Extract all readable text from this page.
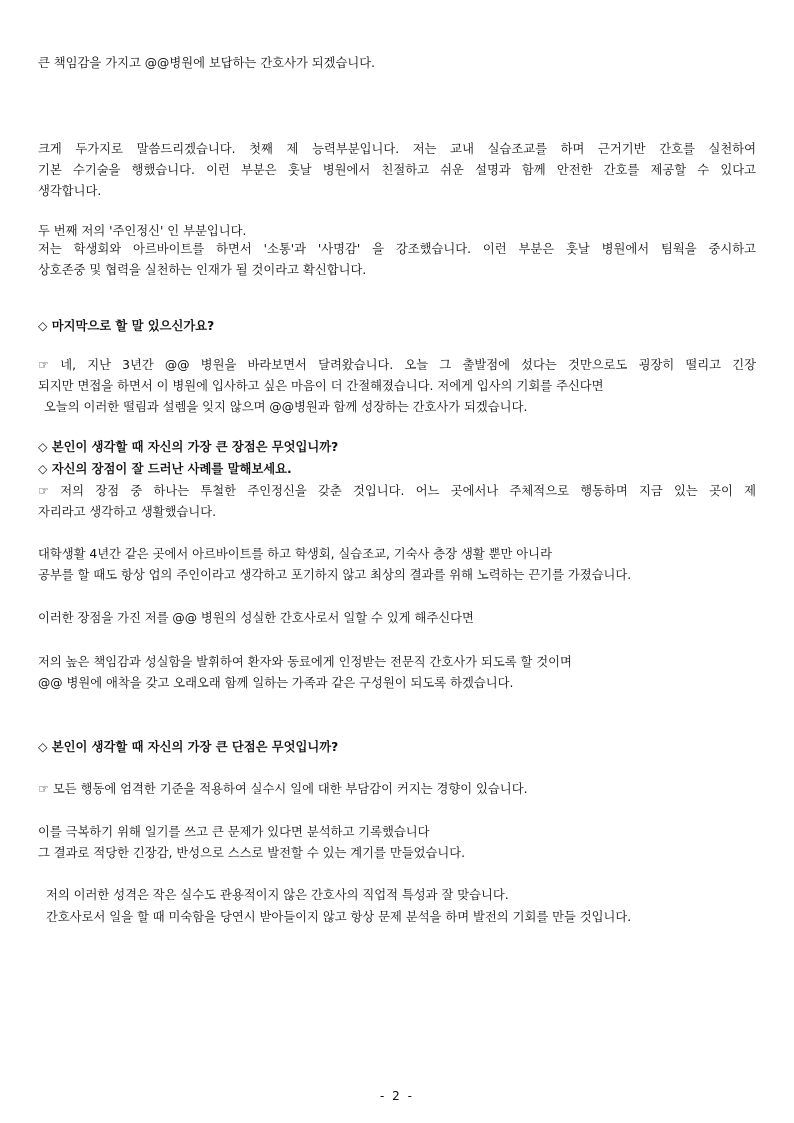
큰 책임감을 가지고 @@병원에 보답하는 간호사가 되겠습니다.
크게 두가지로 말씀드리겠습니다. 첫째 제 능력부분입니다. 저는 교내 실습조교를 하며 근거기반 간호를 실천하여
기본 수기술을 행했습니다. 이런 부분은 훗날 병원에서 친절하고 쉬운 설명과 함께 안전한 간호를 제공할 수 있다고
생각합니다.
두 번째 저의 '주인정신' 인 부분입니다.
저는 학생회와 아르바이트를 하면서 '소통'과 '사명감' 을 강조했습니다. 이런 부분은 훗날 병원에서 팀웍을 중시하고
상호존중 및 협력을 실천하는 인재가 될 것이라고 확신합니다.
◇ 마지막으로 할 말 있으신가요?
☞ 네, 지난 3년간 @@ 병원을 바라보면서 달려왔습니다. 오늘 그 출발점에 섰다는 것만으로도 굉장히 떨리고 긴장
되지만 면접을 하면서 이 병원에 입사하고 싶은 마음이 더 간절해졌습니다. 저에게 입사의 기회를 주신다면
오늘의 이러한 떨림과 설렘을 잊지 않으며 @@병원과 함께 성장하는 간호사가 되겠습니다.
◇ 본인이 생각할 때 자신의 가장 큰 장점은 무엇입니까?
◇ 자신의 장점이 잘 드러난 사례를 말해보세요.
☞ 저의 장점 중 하나는 투철한 주인정신을 갖춘 것입니다. 어느 곳에서나 주체적으로 행동하며 지금 있는 곳이 제
자리라고 생각하고 생활했습니다.
대학생활 4년간 같은 곳에서 아르바이트를 하고 학생회, 실습조교, 기숙사 층장 생활 뿐만 아니라
공부를 할 때도 항상 업의 주인이라고 생각하고 포기하지 않고 최상의 결과를 위해 노력하는 끈기를 가졌습니다.
이러한 장점을 가진 저를 @@ 병원의 성실한 간호사로서 일할 수 있게 해주신다면
저의 높은 책임감과 성실함을 발휘하여 환자와 동료에게 인정받는 전문직 간호사가 되도록 할 것이며
@@ 병원에 애착을 갖고 오래오래 함께 일하는 가족과 같은 구성원이 되도록 하겠습니다.
◇ 본인이 생각할 때 자신의 가장 큰 단점은 무엇입니까?
☞ 모든 행동에 엄격한 기준을 적용하여 실수시 일에 대한 부담감이 커지는 경향이 있습니다.
이를 극복하기 위해 일기를 쓰고 큰 문제가 있다면 분석하고 기록했습니다
그 결과로 적당한 긴장감, 반성으로 스스로 발전할 수 있는 계기를 만들었습니다.
저의 이러한 성격은 작은 실수도 관용적이지 않은 간호사의 직업적 특성과 잘 맞습니다.
간호사로서 일을 할 때 미숙함을 당연시 받아들이지 않고 항상 문제 분석을 하며 발전의 기회를 만들 것입니다.
- 2 -
